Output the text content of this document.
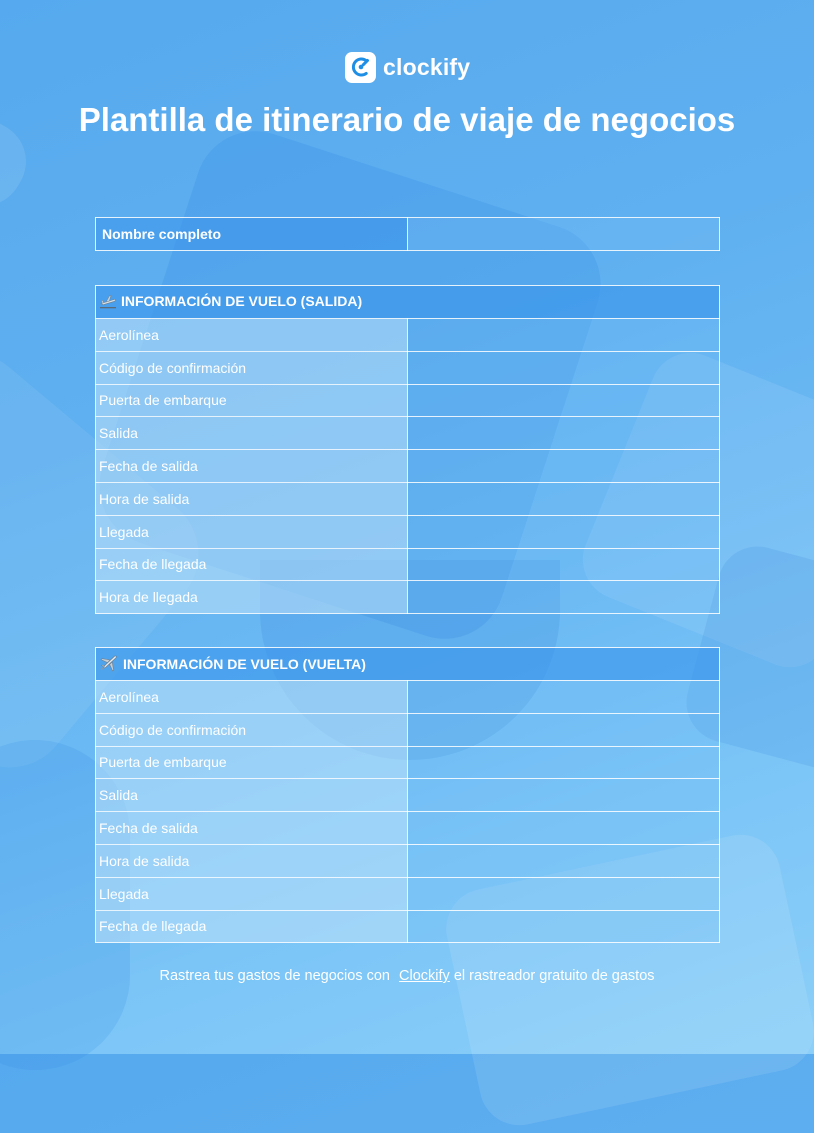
clockify
Plantilla de itinerario de viaje de negocios
Nombre completo	
INFORMACIÓN DE VUELO (SALIDA)	
Aerolínea	
Código de confirmación	
Puerta de embarque	
Salida	
Fecha de salida	
Hora de salida	
Llegada	
Fecha de llegada	
Hora de llegada	
INFORMACIÓN DE VUELO (VUELTA)	
Aerolínea	
Código de confirmación	
Puerta de embarque	
Salida	
Fecha de salida	
Hora de salida	
Llegada	
Fecha de llegada	
Rastrea tus gastos de negocios con Clockify el rastreador gratuito de gastos
